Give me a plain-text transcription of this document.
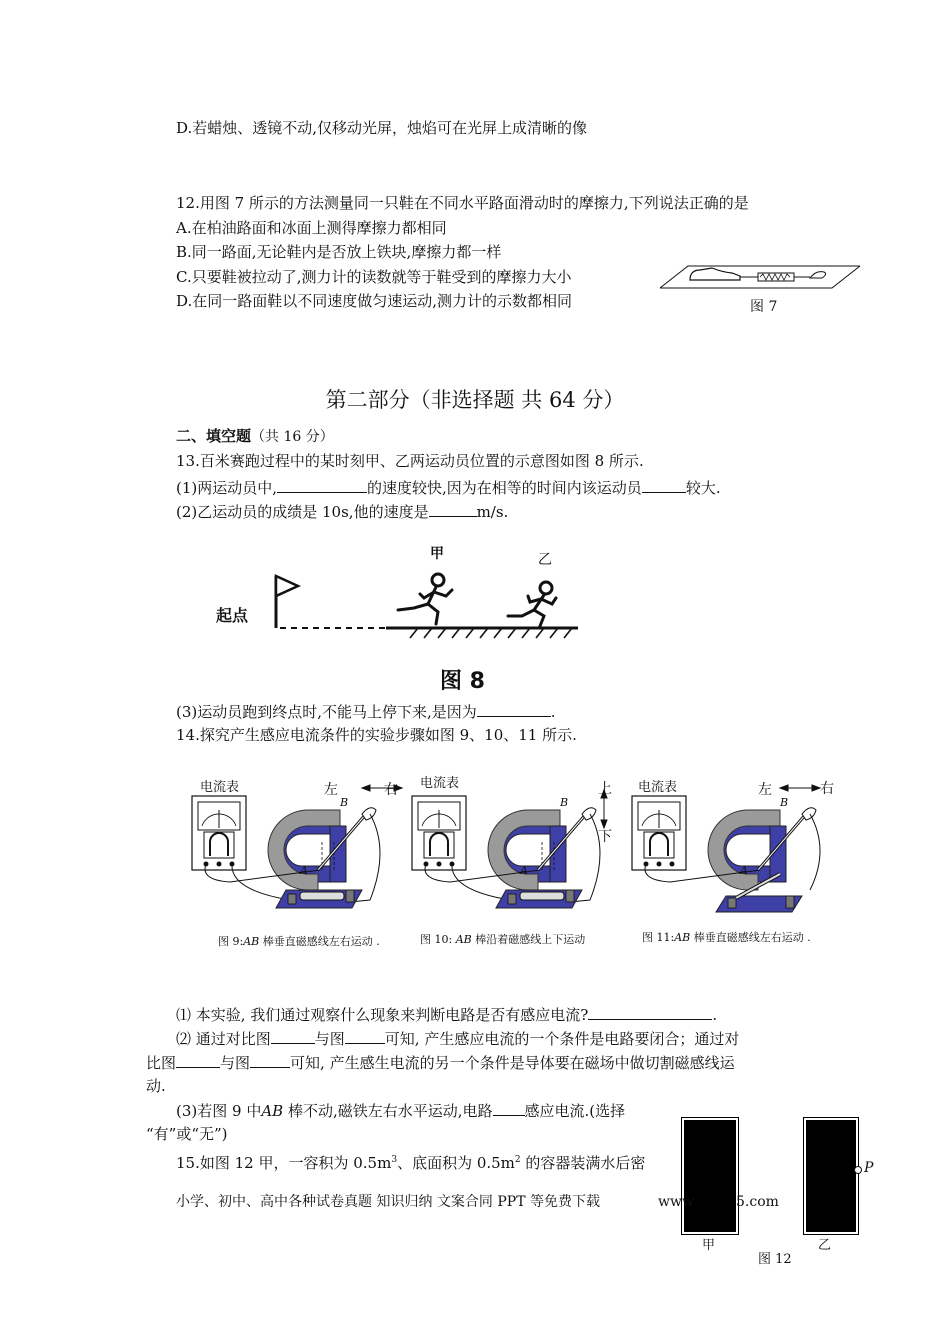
D.若蜡烛、透镜不动,仅移动光屏，烛焰可在光屏上成清晰的像
12.用图 7 所示的方法测量同一只鞋在不同水平路面滑动时的摩擦力,下列说法正确的是
A.在柏油路面和冰面上测得摩擦力都相同
B.同一路面,无论鞋内是否放上铁块,摩擦力都一样
C.只要鞋被拉动了,测力计的读数就等于鞋受到的摩擦力大小
D.在同一路面鞋以不同速度做匀速运动,测力计的示数都相同	图 7
第二部分（非选择题 共 64 分）
二、填空题（共 16 分）
13.百米赛跑过程中的某时刻甲、乙两运动员位置的示意图如图 8 所示.
(1)两运动员中,	的速度较快,因为在相等的时间内该运动员	较大.
(2)乙运动员的成绩是 10s,他的速度是	m/s.
起点
甲	乙
图 8
(3)运动员跑到终点时,不能马上停下来,是因为	.
14.探究产生感应电流条件的实验步骤如图 9、10、11 所示.
电流表	电流表	电流表
左	右	上
下
左	右
B
A
B
A
B
A
图 9:AB 棒垂直磁感线左右运动 .	图 10: AB 棒沿着磁感线上下运动	图 11:AB 棒垂直磁感线左右运动 .
⑴ 本实验, 我们通过观察什么现象来判断电路是否有感应电流?	.
⑵ 通过对比图	与图	可知, 产生感应电流的一个条件是电路要闭合；通过对
比图	与图	可知, 产生感生电流的另一个条件是导体要在磁场中做切割磁感线运
动.
(3)若图 9 中AB 棒不动,磁铁左右水平运动,电路 感应电流.(选择
“有”或“无”)
15.如图 12 甲，一容积为 $0.5m^3$、底面积为 $0.5m^2$ 的容器装满水后密	P
甲	乙
图 12
小学、初中、高中各种试卷真题 知识归纳 文案合同 PPT 等免费下载	www	5.com
